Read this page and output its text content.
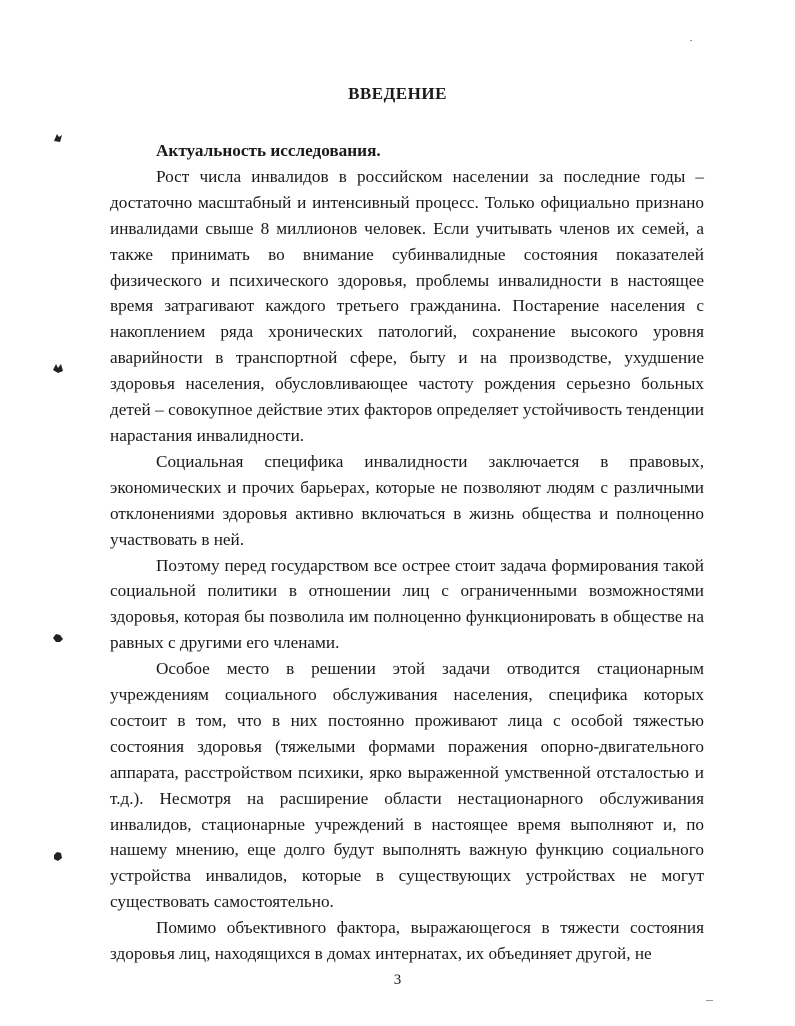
ВВЕДЕНИЕ

Актуальность исследования.

Рост числа инвалидов в российском населении за последние годы – достаточно масштабный и интенсивный процесс. Только официально признано инвалидами свыше 8 миллионов человек. Если учитывать членов их семей, а также принимать во внимание субинвалидные состояния показателей физического и психического здоровья, проблемы инвалидности в настоящее время затрагивают каждого третьего гражданина. Постарение населения с накоплением ряда хронических патологий, сохранение высокого уровня аварийности в транспортной сфере, быту и на производстве, ухудшение здоровья населения, обусловливающее частоту рождения серьезно больных детей – совокупное действие этих факторов определяет устойчивость тенденции нарастания инвалидности.

Социальная специфика инвалидности заключается в правовых, экономических и прочих барьерах, которые не позволяют людям с различными отклонениями здоровья активно включаться в жизнь общества и полноценно участвовать в ней.

Поэтому перед государством все острее стоит задача формирования такой социальной политики в отношении лиц с ограниченными возможностями здоровья, которая бы позволила им полноценно функционировать в обществе на равных с другими его членами.

Особое место в решении этой задачи отводится стационарным учреждениям социального обслуживания населения, специфика которых состоит в том, что в них постоянно проживают лица с особой тяжестью состояния здоровья (тяжелыми формами поражения опорно-двигательного аппарата, расстройством психики, ярко выраженной умственной отсталостью и т.д.). Несмотря на расширение области нестационарного обслуживания инвалидов, стационарные учреждений в настоящее время выполняют и, по нашему мнению, еще долго будут выполнять важную функцию социального устройства инвалидов, которые в существующих устройствах не могут существовать самостоятельно.

Помимо объективного фактора, выражающегося в тяжести состояния здоровья лиц, находящихся в домах интернатах, их объединяет другой, не

3
